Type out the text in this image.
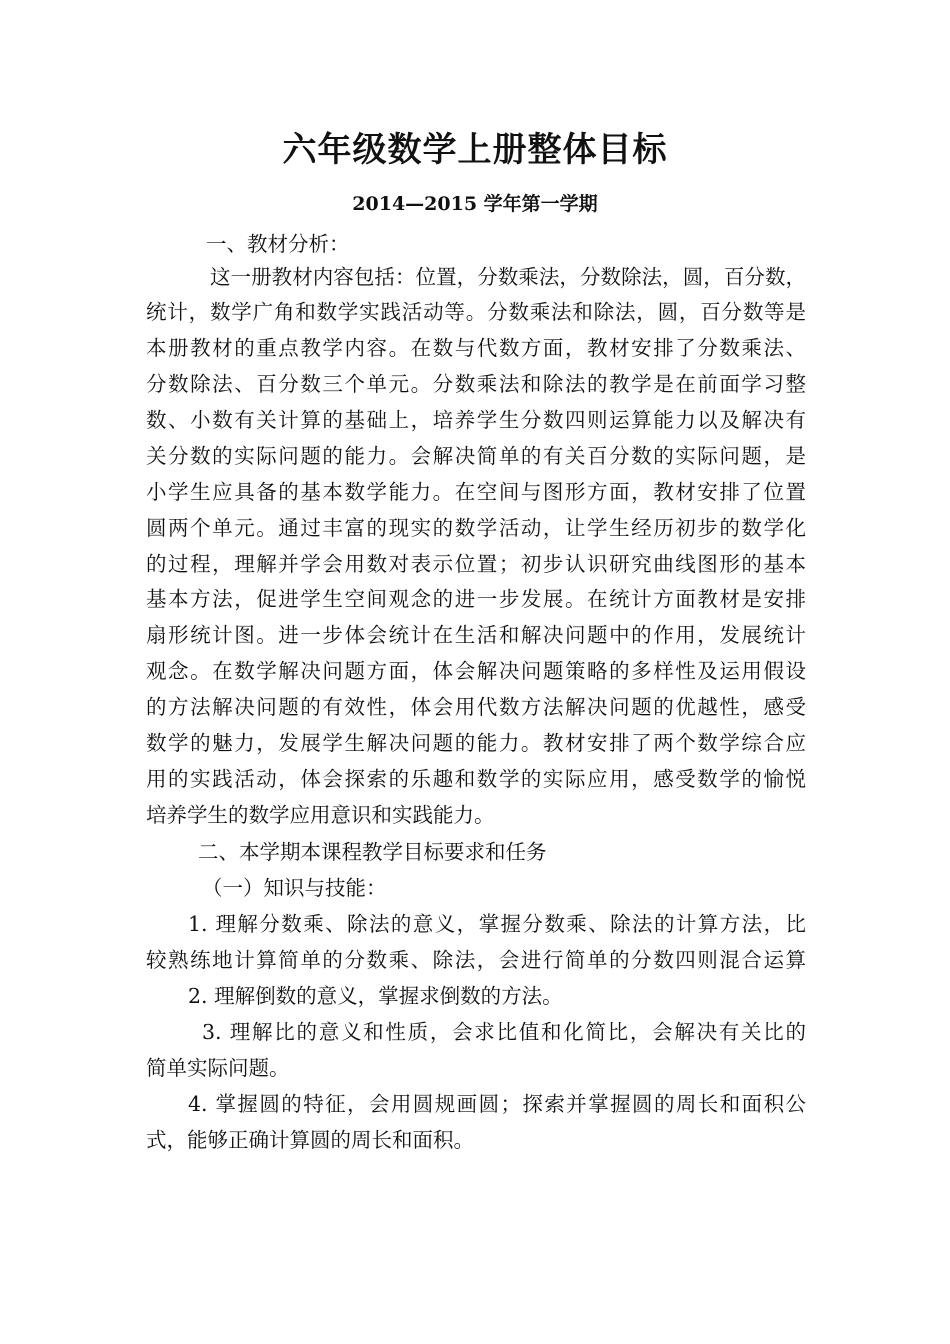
六年级数学上册整体目标
2014—2015 学年第一学期
一、教材分析：
这一册教材内容包括：位置，分数乘法，分数除法，圆，百分数，
统计，数学广角和数学实践活动等。分数乘法和除法，圆，百分数等是
本册教材的重点教学内容。在数与代数方面，教材安排了分数乘法、
分数除法、百分数三个单元。分数乘法和除法的教学是在前面学习整
数、小数有关计算的基础上，培养学生分数四则运算能力以及解决有
关分数的实际问题的能力。会解决简单的有关百分数的实际问题，是
小学生应具备的基本数学能力。在空间与图形方面，教材安排了位置
圆两个单元。通过丰富的现实的数学活动，让学生经历初步的数学化
的过程，理解并学会用数对表示位置；初步认识研究曲线图形的基本
基本方法，促进学生空间观念的进一步发展。在统计方面教材是安排
扇形统计图。进一步体会统计在生活和解决问题中的作用，发展统计
观念。在数学解决问题方面，体会解决问题策略的多样性及运用假设
的方法解决问题的有效性，体会用代数方法解决问题的优越性，感受
数学的魅力，发展学生解决问题的能力。教材安排了两个数学综合应
用的实践活动，体会探索的乐趣和数学的实际应用，感受数学的愉悦
培养学生的数学应用意识和实践能力。
二、本学期本课程教学目标要求和任务
（一）知识与技能：
1. 理解分数乘、除法的意义，掌握分数乘、除法的计算方法，比
较熟练地计算简单的分数乘、除法，会进行简单的分数四则混合运算
2. 理解倒数的意义，掌握求倒数的方法。
3. 理解比的意义和性质，会求比值和化简比，会解决有关比的
简单实际问题。
4. 掌握圆的特征，会用圆规画圆；探索并掌握圆的周长和面积公
式，能够正确计算圆的周长和面积。
